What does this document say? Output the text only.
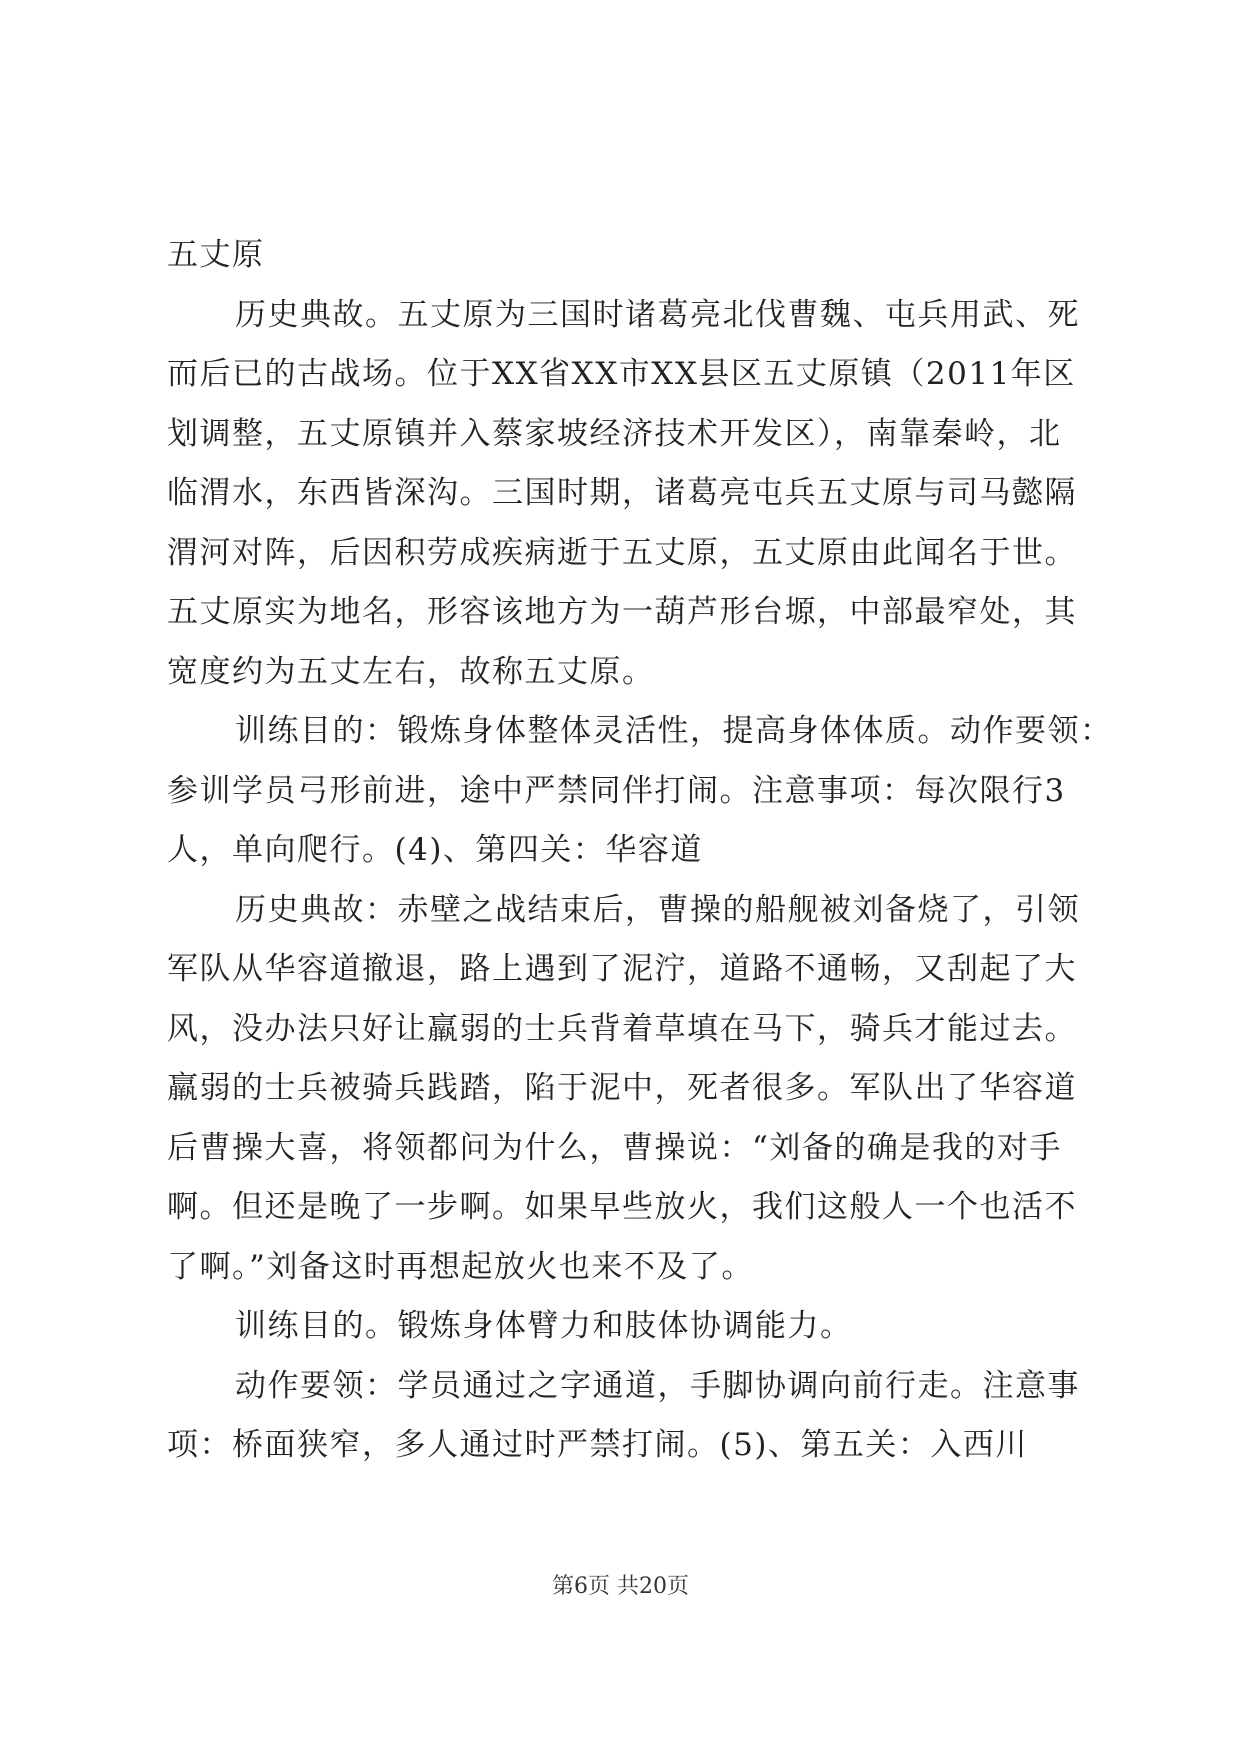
五丈原
历史典故。五丈原为三国时诸葛亮北伐曹魏、屯兵用武、死
而后已的古战场。位于XX省XX市XX县区五丈原镇（2011年区
划调整，五丈原镇并入蔡家坡经济技术开发区），南靠秦岭，北
临渭水，东西皆深沟。三国时期，诸葛亮屯兵五丈原与司马懿隔
渭河对阵，后因积劳成疾病逝于五丈原，五丈原由此闻名于世。
五丈原实为地名，形容该地方为一葫芦形台塬，中部最窄处，其
宽度约为五丈左右，故称五丈原。
训练目的：锻炼身体整体灵活性，提高身体体质。动作要领：
参训学员弓形前进，途中严禁同伴打闹。注意事项：每次限行3
人，单向爬行。(4)、第四关：华容道
历史典故：赤壁之战结束后，曹操的船舰被刘备烧了，引领
军队从华容道撤退，路上遇到了泥泞，道路不通畅，又刮起了大
风，没办法只好让羸弱的士兵背着草填在马下，骑兵才能过去。
羸弱的士兵被骑兵践踏，陷于泥中，死者很多。军队出了华容道
后曹操大喜，将领都问为什么，曹操说：“刘备的确是我的对手
啊。但还是晚了一步啊。如果早些放火，我们这般人一个也活不
了啊。”刘备这时再想起放火也来不及了。
训练目的。锻炼身体臂力和肢体协调能力。
动作要领：学员通过之字通道，手脚协调向前行走。注意事
项：桥面狭窄，多人通过时严禁打闹。(5)、第五关：入西川
第6页 共20页
